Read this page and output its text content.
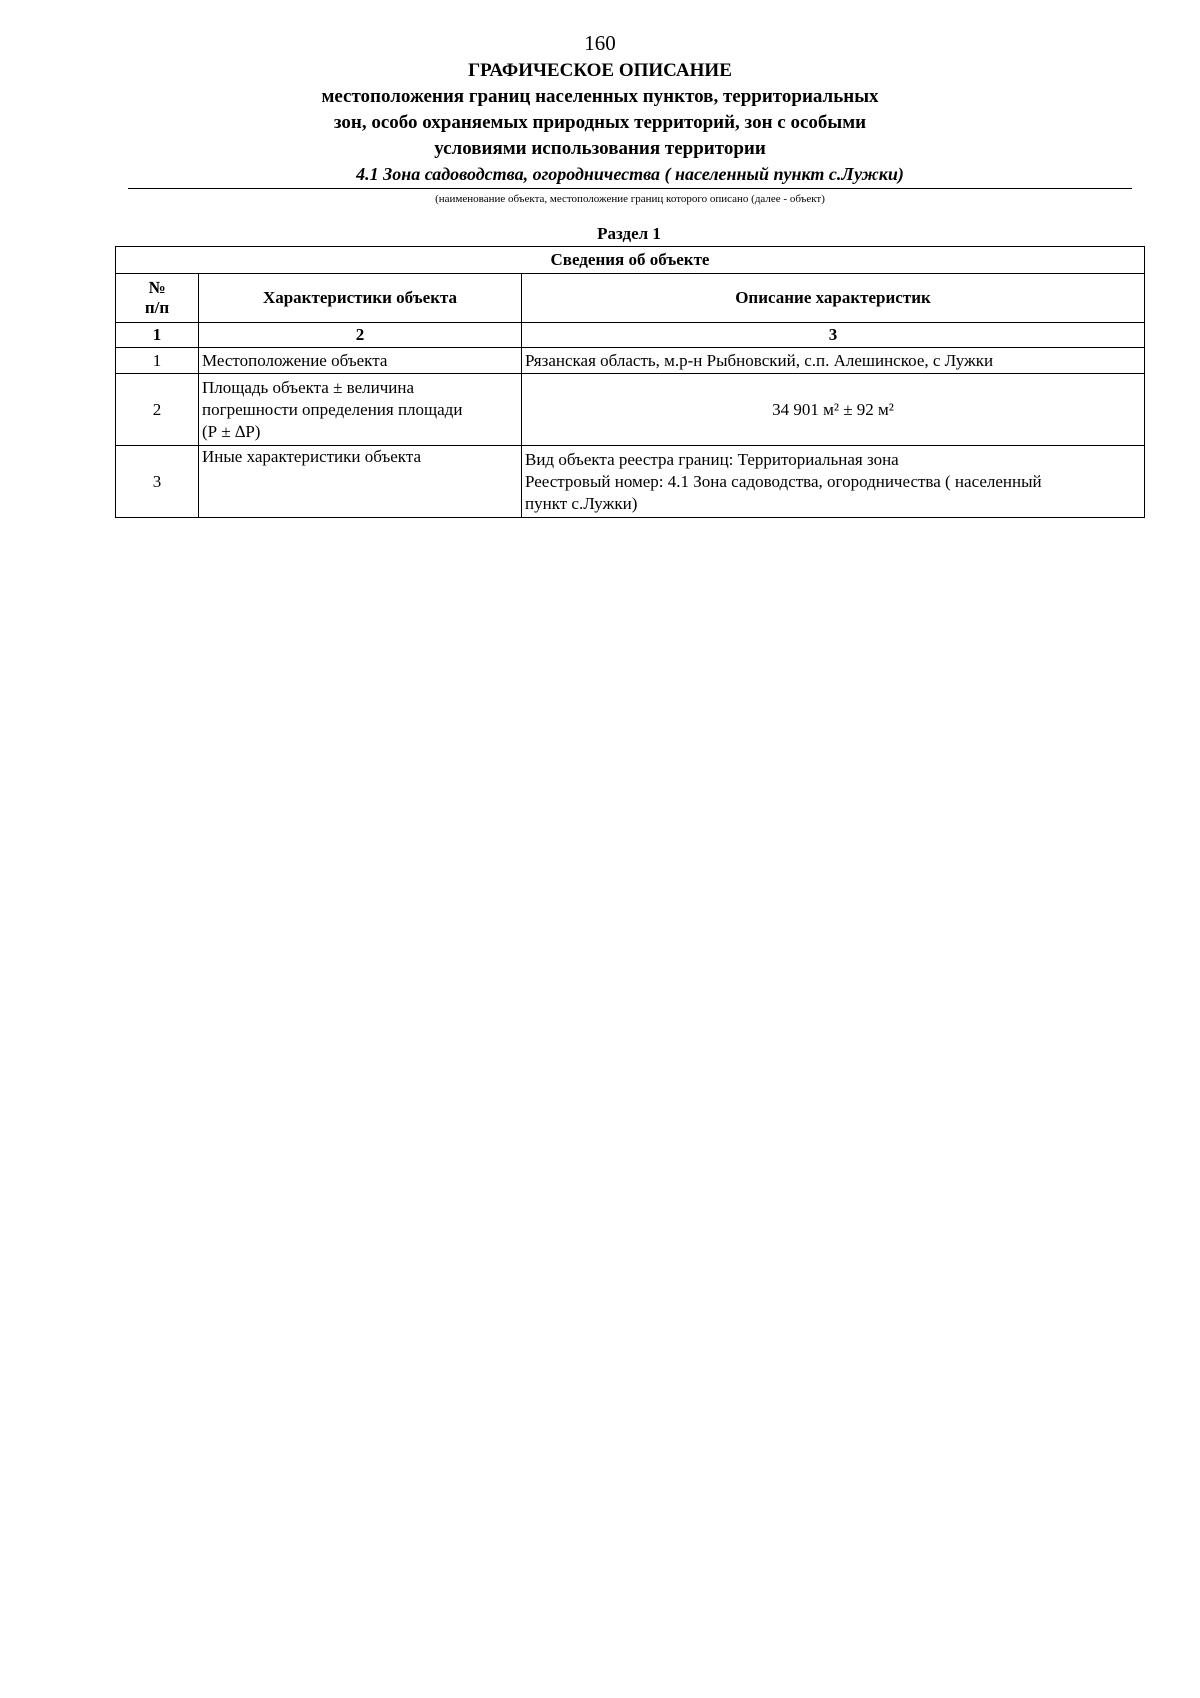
160
ГРАФИЧЕСКОЕ ОПИСАНИЕ
местоположения границ населенных пунктов, территориальных
зон, особо охраняемых природных территорий, зон с особыми
условиями использования территории
4.1 Зона садоводства, огородничества ( населенный пункт с.Лужки)
(наименование объекта, местоположение границ которого описано (далее - объект)
Раздел 1
Сведения об объекте		

№
п/п	Характеристики объекта	Описание характеристик
1	2	3
1	Местоположение объекта	Рязанская область, м.р-н Рыбновский, с.п. Алешинское, с Лужки

2	Площадь объекта ± величина
погрешности определения площади
(Р ± ∆Р)	34 901 м² ± 92 м²

3	Иные характеристики объекта	Вид объекта реестра границ: Территориальная зона
Реестровый номер: 4.1 Зона садоводства, огородничества ( населенный
пункт с.Лужки)
